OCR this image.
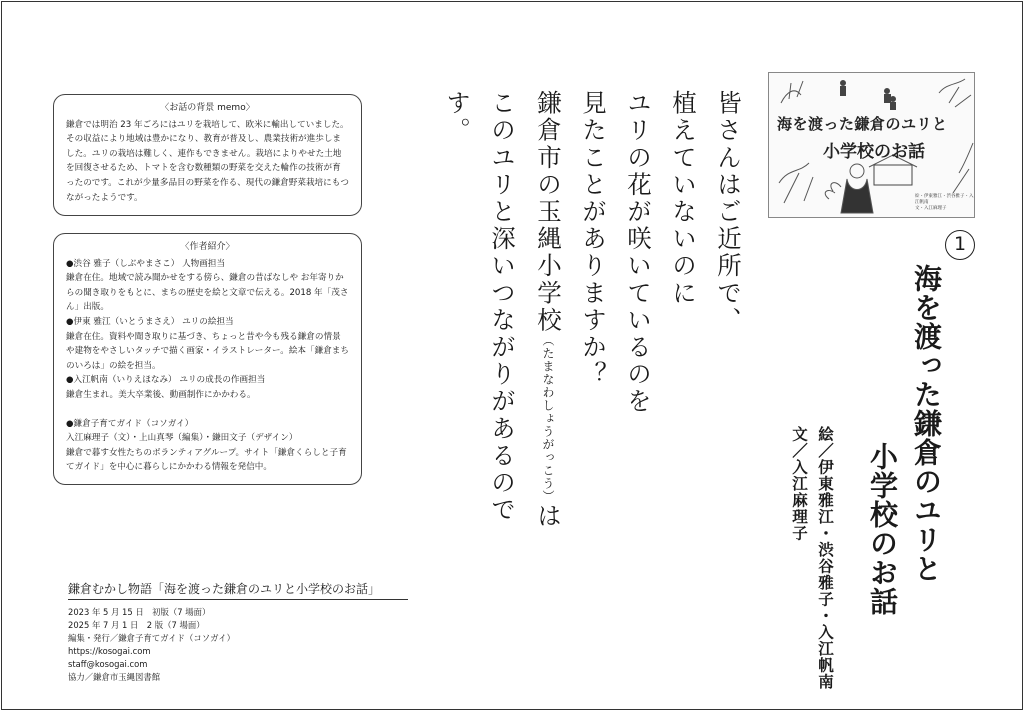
〈お話の背景 memo〉

鎌倉では明治 23 年ごろにはユリを栽培して、欧米に輸出していました。その収益により地域は豊かになり、教育が普及し、農業技術が進歩しました。ユリの栽培は難しく、連作もできません。栽培によりやせた土地を回復させるため、トマトを含む数種類の野菜を交えた輪作の技術が育ったのです。これが少量多品目の野菜を作る、現代の鎌倉野菜栽培にもつながったようです。

〈作者紹介〉

●渋谷 雅子（しぶやまさこ） 人物画担当

鎌倉在住。地域で読み聞かせをする傍ら、鎌倉の昔ばなしや お年寄りからの聞き取りをもとに、まちの歴史を絵と文章で伝える。2018 年「茂さん」出版。

●伊東 雅江（いとうまさえ） ユリの絵担当

鎌倉在住。資料や聞き取りに基づき、ちょっと昔や今も残る鎌倉の情景や建物をやさしいタッチで描く画家・イラストレーター。絵本「鎌倉まちのいろは」の絵を担当。

●入江帆南（いりえほなみ） ユリの成長の作画担当

鎌倉生まれ。美大卒業後、動画制作にかかわる。

●鎌倉子育てガイド（コソガイ）

入江麻理子（文）・上山真琴（編集）・鎌田文子（デザイン）

鎌倉で暮す女性たちのボランティアグループ。サイト「鎌倉くらしと子育てガイド」を中心に暮らしにかかわる情報を発信中。

鎌倉むかし物語「海を渡った鎌倉のユリと小学校のお話」
2023 年 5 月 15 日　初版（7 場面）
2025 年 7 月 1 日　2 版（7 場面）
編集・発行／鎌倉子育てガイド（コソガイ）
https://kosogai.com
staff@kosogai.com
協力／鎌倉市玉縄図書館
皆さんはご近所で、
植えていないのに
ユリの花が咲いているのを
見たことがありますか？
鎌倉市の玉縄小学校（たまなわしょうがっこう）は
このユリと深いつながりがあるのです。	海を渡った鎌倉のユリと
小学校のお話
絵・伊東雅江・渋谷雅子・入江帆南
文・入江麻理子
1
海を渡った鎌倉のユリと
小学校のお話
絵／伊東雅江・渋谷雅子・入江帆南
文／入江麻理子
